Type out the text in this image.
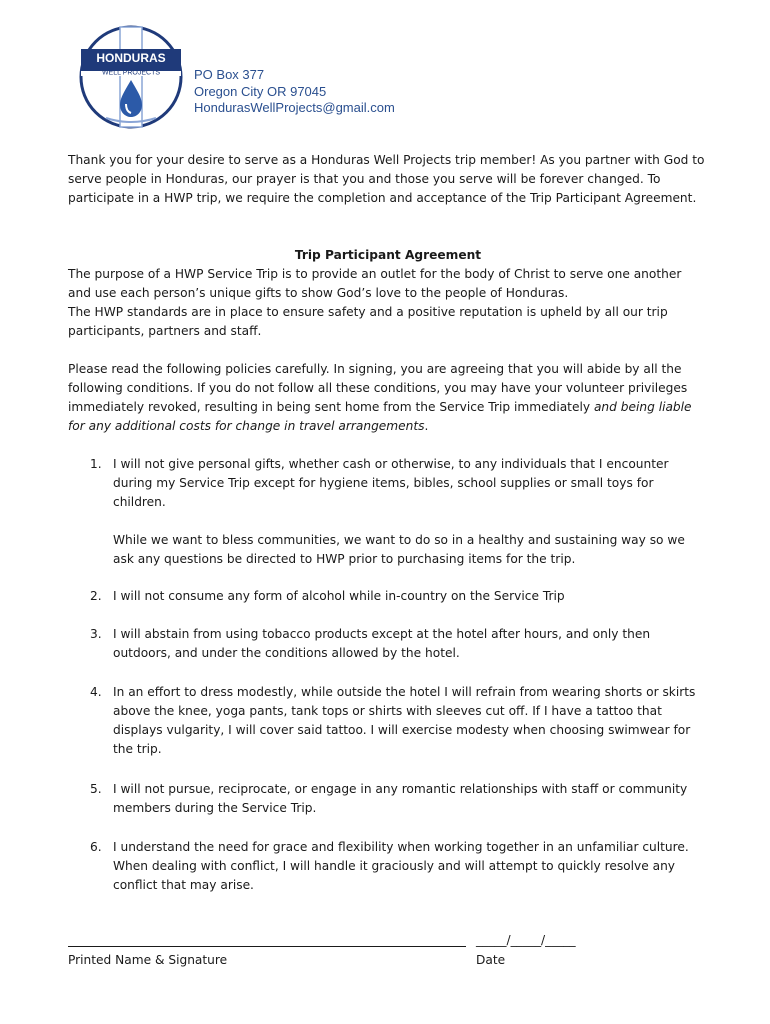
HONDURAS
WELL PROJECTS	PO Box 377
Oregon City OR 97045
HondurasWellProjects@gmail.com

Thank you for your desire to serve as a Honduras Well Projects trip member! As you partner with God to serve people in Honduras, our prayer is that you and those you serve will be forever changed. To participate in a HWP trip, we require the completion and acceptance of the Trip Participant Agreement.

Trip Participant Agreement

The purpose of a HWP Service Trip is to provide an outlet for the body of Christ to serve one another and use each person’s unique gifts to show God’s love to the people of Honduras.

The HWP standards are in place to ensure safety and a positive reputation is upheld by all our trip participants, partners and staff.

Please read the following policies carefully. In signing, you are agreeing that you will abide by all the following conditions. If you do not follow all these conditions, you may have your volunteer privileges immediately revoked, resulting in being sent home from the Service Trip immediately and being liable for any additional costs for change in travel arrangements.

1. I will not give personal gifts, whether cash or otherwise, to any individuals that I encounter during my Service Trip except for hygiene items, bibles, school supplies or small toys for children.
While we want to bless communities, we want to do so in a healthy and sustaining way so we ask any questions be directed to HWP prior to purchasing items for the trip.
2. I will not consume any form of alcohol while in-country on the Service Trip
3. I will abstain from using tobacco products except at the hotel after hours, and only then outdoors, and under the conditions allowed by the hotel.
4. In an effort to dress modestly, while outside the hotel I will refrain from wearing shorts or skirts above the knee, yoga pants, tank tops or shirts with sleeves cut off. If I have a tattoo that displays vulgarity, I will cover said tattoo. I will exercise modesty when choosing swimwear for the trip.
5. I will not pursue, reciprocate, or engage in any romantic relationships with staff or community members during the Service Trip.
6. I understand the need for grace and flexibility when working together in an unfamiliar culture. When dealing with conflict, I will handle it graciously and will attempt to quickly resolve any conflict that may arise.
_____/_____/_____
Printed Name & Signature	Date
